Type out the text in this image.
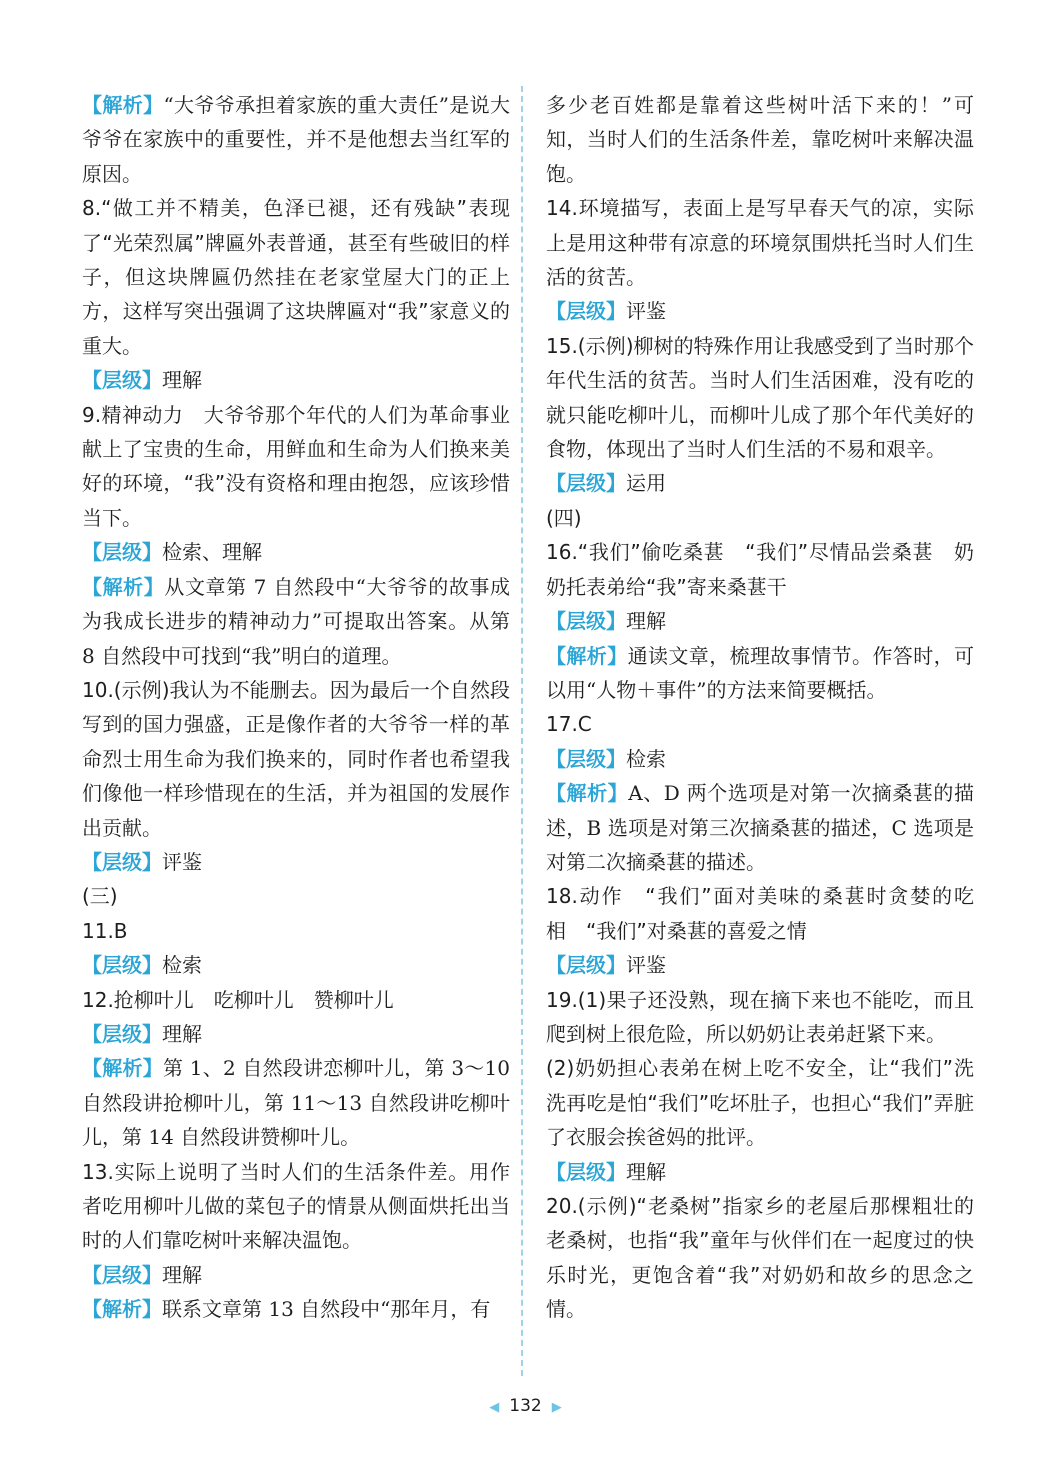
【解析】“大爷爷承担着家族的重大责任”是说大爷爷在家族中的重要性，并不是他想去当红军的原因。

8.“做工并不精美，色泽已褪，还有残缺”表现了“光荣烈属”牌匾外表普通，甚至有些破旧的样子，但这块牌匾仍然挂在老家堂屋大门的正上方，这样写突出强调了这块牌匾对“我”家意义的重大。

【层级】理解

9.精神动力　大爷爷那个年代的人们为革命事业献上了宝贵的生命，用鲜血和生命为人们换来美好的环境，“我”没有资格和理由抱怨，应该珍惜当下。

【层级】检索、理解

【解析】从文章第 7 自然段中“大爷爷的故事成为我成长进步的精神动力”可提取出答案。从第 8 自然段中可找到“我”明白的道理。

10.(示例)我认为不能删去。因为最后一个自然段写到的国力强盛，正是像作者的大爷爷一样的革命烈士用生命为我们换来的，同时作者也希望我们像他一样珍惜现在的生活，并为祖国的发展作出贡献。

【层级】评鉴

(三)

11.B

【层级】检索

12.抢柳叶儿　吃柳叶儿　赞柳叶儿

【层级】理解

【解析】第 1、2 自然段讲恋柳叶儿，第 3～10 自然段讲抢柳叶儿，第 11～13 自然段讲吃柳叶儿，第 14 自然段讲赞柳叶儿。

13.实际上说明了当时人们的生活条件差。用作者吃用柳叶儿做的菜包子的情景从侧面烘托出当时的人们靠吃树叶来解决温饱。

【层级】理解

【解析】联系文章第 13 自然段中“那年月，有

多少老百姓都是靠着这些树叶活下来的！”可知，当时人们的生活条件差，靠吃树叶来解决温饱。

14.环境描写，表面上是写早春天气的凉，实际上是用这种带有凉意的环境氛围烘托当时人们生活的贫苦。

【层级】评鉴

15.(示例)柳树的特殊作用让我感受到了当时那个年代生活的贫苦。当时人们生活困难，没有吃的就只能吃柳叶儿，而柳叶儿成了那个年代美好的食物，体现出了当时人们生活的不易和艰辛。

【层级】运用

(四)

16.“我们”偷吃桑葚　“我们”尽情品尝桑葚　奶奶托表弟给“我”寄来桑葚干

【层级】理解

【解析】通读文章，梳理故事情节。作答时，可以用“人物＋事件”的方法来简要概括。

17.C

【层级】检索

【解析】A、D 两个选项是对第一次摘桑葚的描述，B 选项是对第三次摘桑葚的描述，C 选项是对第二次摘桑葚的描述。

18.动作　“我们”面对美味的桑葚时贪婪的吃相　“我们”对桑葚的喜爱之情

【层级】评鉴

19.(1)果子还没熟，现在摘下来也不能吃，而且爬到树上很危险，所以奶奶让表弟赶紧下来。

(2)奶奶担心表弟在树上吃不安全，让“我们”洗洗再吃是怕“我们”吃坏肚子，也担心“我们”弄脏了衣服会挨爸妈的批评。

【层级】理解

20.(示例)“老桑树”指家乡的老屋后那棵粗壮的老桑树，也指“我”童年与伙伴们在一起度过的快乐时光，更饱含着“我”对奶奶和故乡的思念之情。

◀ 132 ▶
